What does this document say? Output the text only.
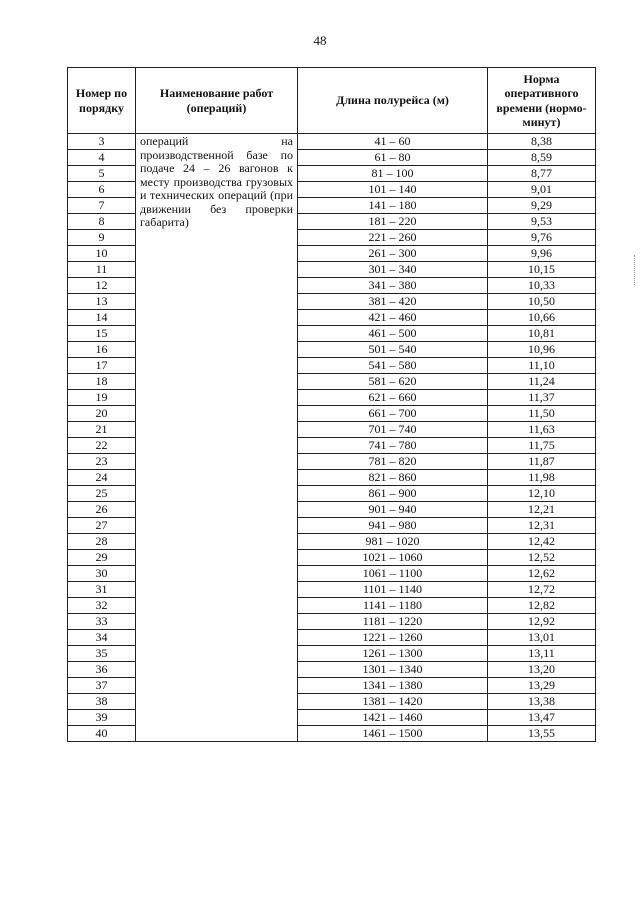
48
Номер по порядку	Наименование работ (операций)	Длина полурейса (м)	Норма оперативного времени (нормо-минут)
3	операций на производственной базе по подаче 24 – 26 вагонов к месту производства грузовых и технических операций (при движении без проверки габарита)	41 – 60	8,38
4		61 – 80	8,59
5		81 – 100	8,77
6		101 – 140	9,01
7		141 – 180	9,29
8		181 – 220	9,53
9		221 – 260	9,76
10		261 – 300	9,96
11		301 – 340	10,15
12		341 – 380	10,33
13		381 – 420	10,50
14		421 – 460	10,66
15		461 – 500	10,81
16		501 – 540	10,96
17		541 – 580	11,10
18		581 – 620	11,24
19		621 – 660	11,37
20		661 – 700	11,50
21		701 – 740	11,63
22		741 – 780	11,75
23		781 – 820	11,87
24		821 – 860	11,98
25		861 – 900	12,10
26		901 – 940	12,21
27		941 – 980	12,31
28		981 – 1020	12,42
29		1021 – 1060	12,52
30		1061 – 1100	12,62
31		1101 – 1140	12,72
32		1141 – 1180	12,82
33		1181 – 1220	12,92
34		1221 – 1260	13,01
35		1261 – 1300	13,11
36		1301 – 1340	13,20
37		1341 – 1380	13,29
38		1381 – 1420	13,38
39		1421 – 1460	13,47
40		1461 – 1500	13,55
